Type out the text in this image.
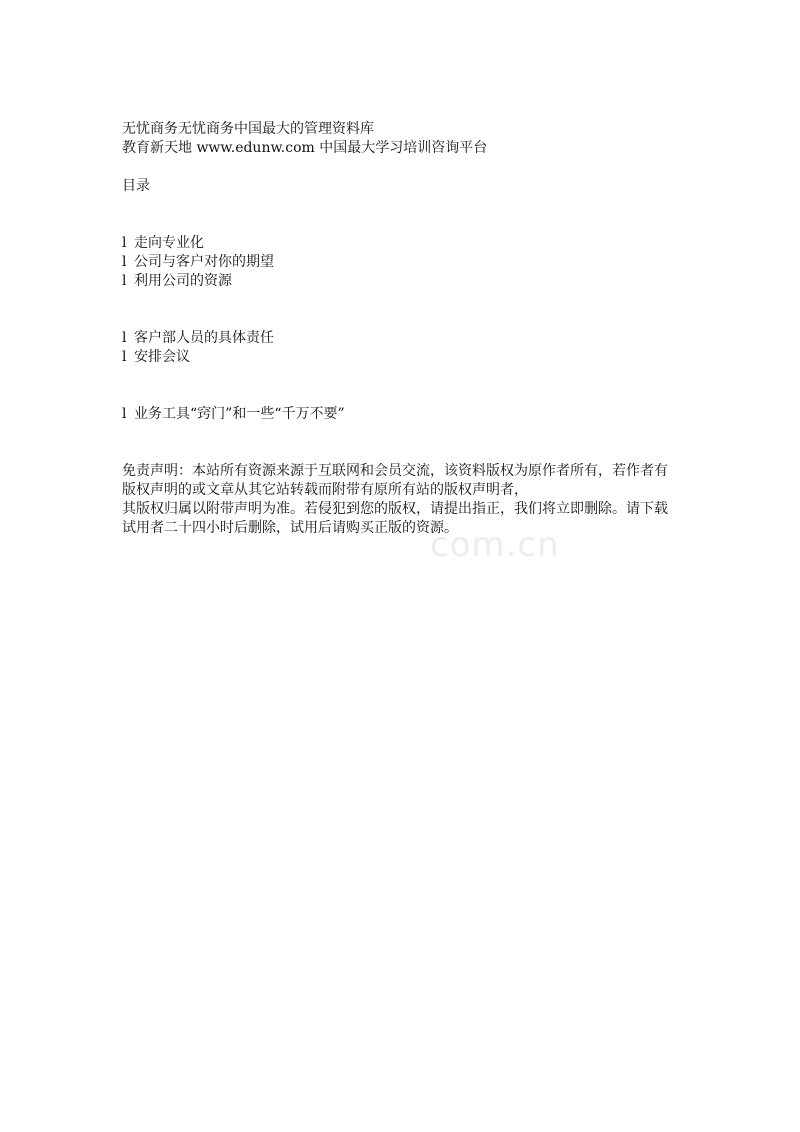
com.cn
无忧商务无忧商务中国最大的管理资料库
教育新天地 www.edunw.com 中国最大学习培训咨询平台
目录
l 走向专业化
l 公司与客户对你的期望
l 利用公司的资源
l 客户部人员的具体责任
l 安排会议
l 业务工具“窍门”和一些“千万不要”
免责声明：本站所有资源来源于互联网和会员交流，该资料版权为原作者所有，若作者有
版权声明的或文章从其它站转载而附带有原所有站的版权声明者，
其版权归属以附带声明为准。若侵犯到您的版权，请提出指正，我们将立即删除。请下载
试用者二十四小时后删除，试用后请购买正版的资源。
